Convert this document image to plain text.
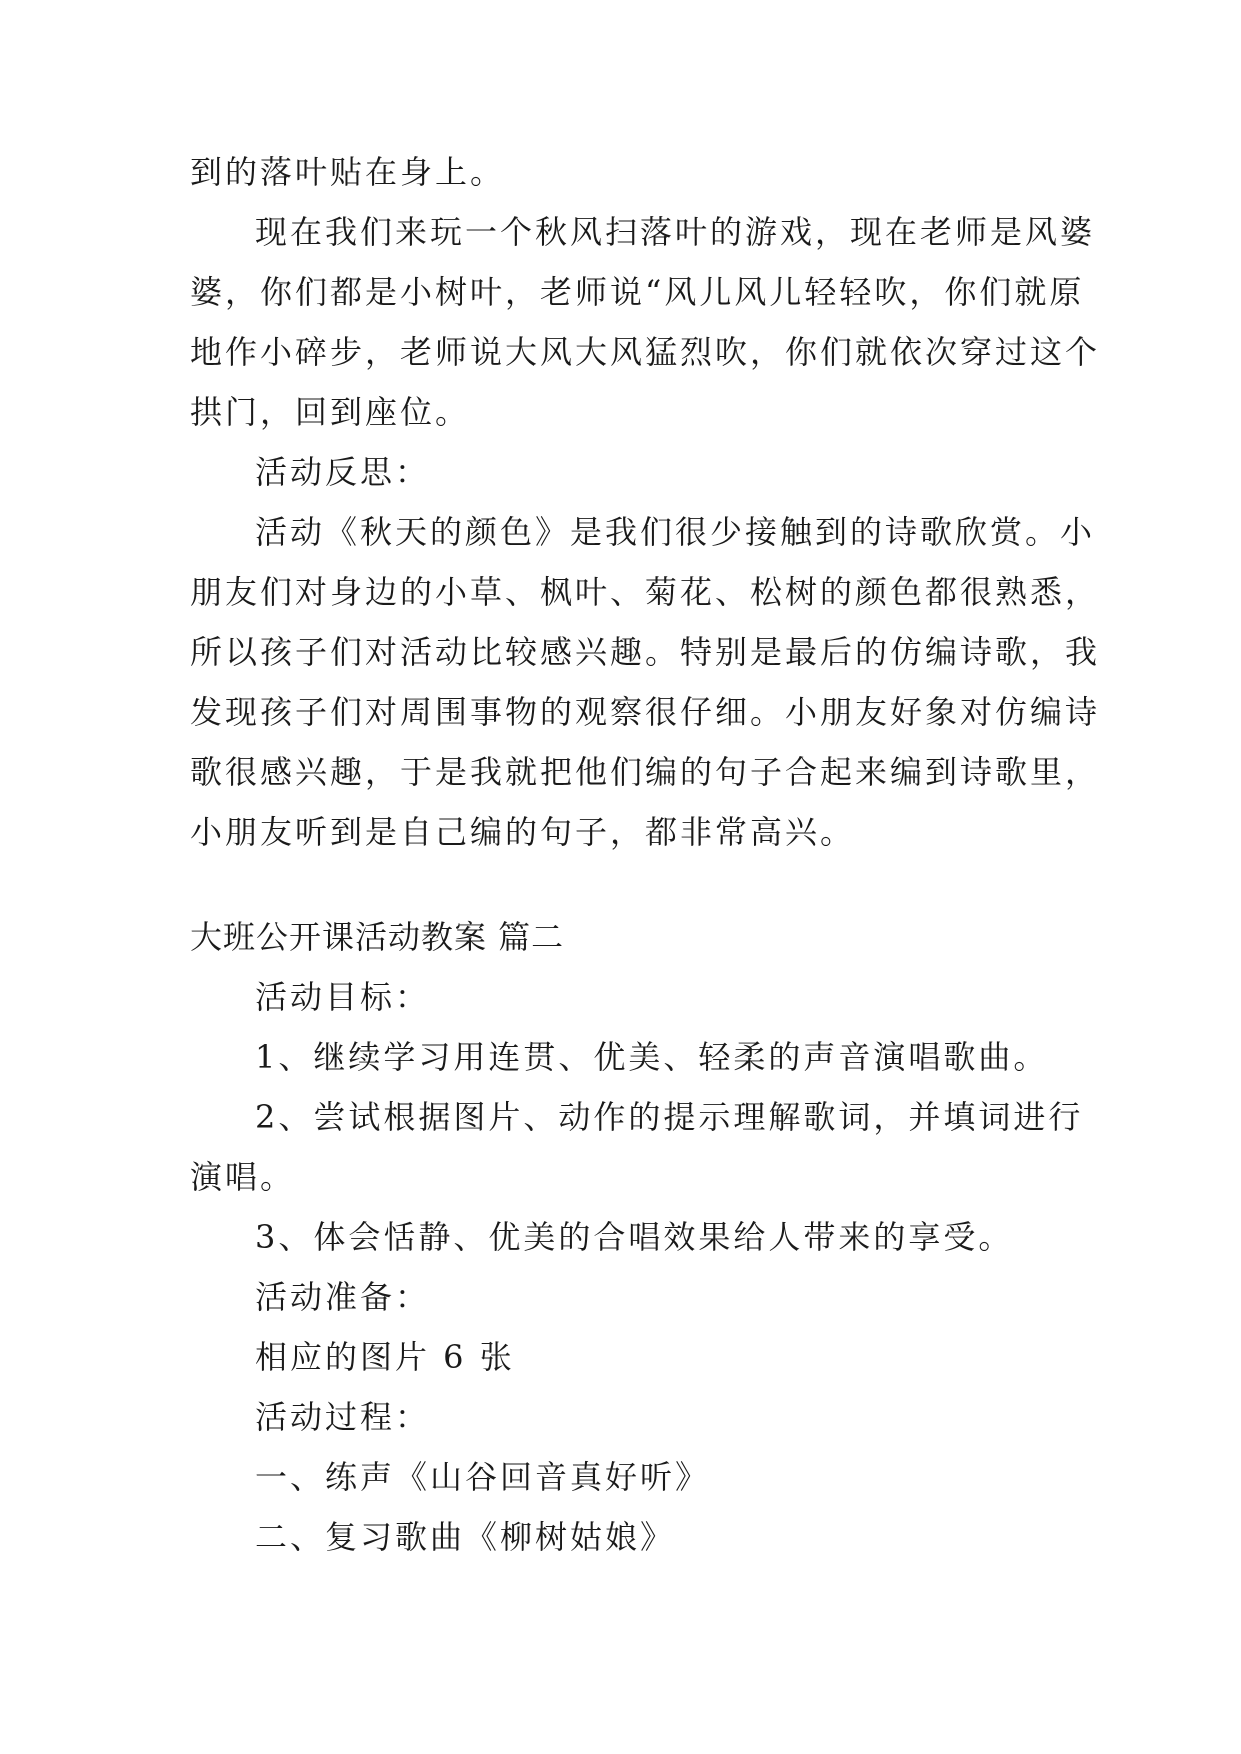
到的落叶贴在身上。
现在我们来玩一个秋风扫落叶的游戏，现在老师是风婆
婆，你们都是小树叶，老师说“风儿风儿轻轻吹，你们就原
地作小碎步，老师说大风大风猛烈吹，你们就依次穿过这个
拱门，回到座位。
活动反思：
活动《秋天的颜色》是我们很少接触到的诗歌欣赏。小
朋友们对身边的小草、枫叶、菊花、松树的颜色都很熟悉，
所以孩子们对活动比较感兴趣。特别是最后的仿编诗歌，我
发现孩子们对周围事物的观察很仔细。小朋友好象对仿编诗
歌很感兴趣，于是我就把他们编的句子合起来编到诗歌里，
小朋友听到是自己编的句子，都非常高兴。
大班公开课活动教案 篇二
活动目标：
1、继续学习用连贯、优美、轻柔的声音演唱歌曲。
2、尝试根据图片、动作的提示理解歌词，并填词进行
演唱。
3、体会恬静、优美的合唱效果给人带来的享受。
活动准备：
相应的图片 6 张
活动过程：
一、练声《山谷回音真好听》
二、复习歌曲《柳树姑娘》
